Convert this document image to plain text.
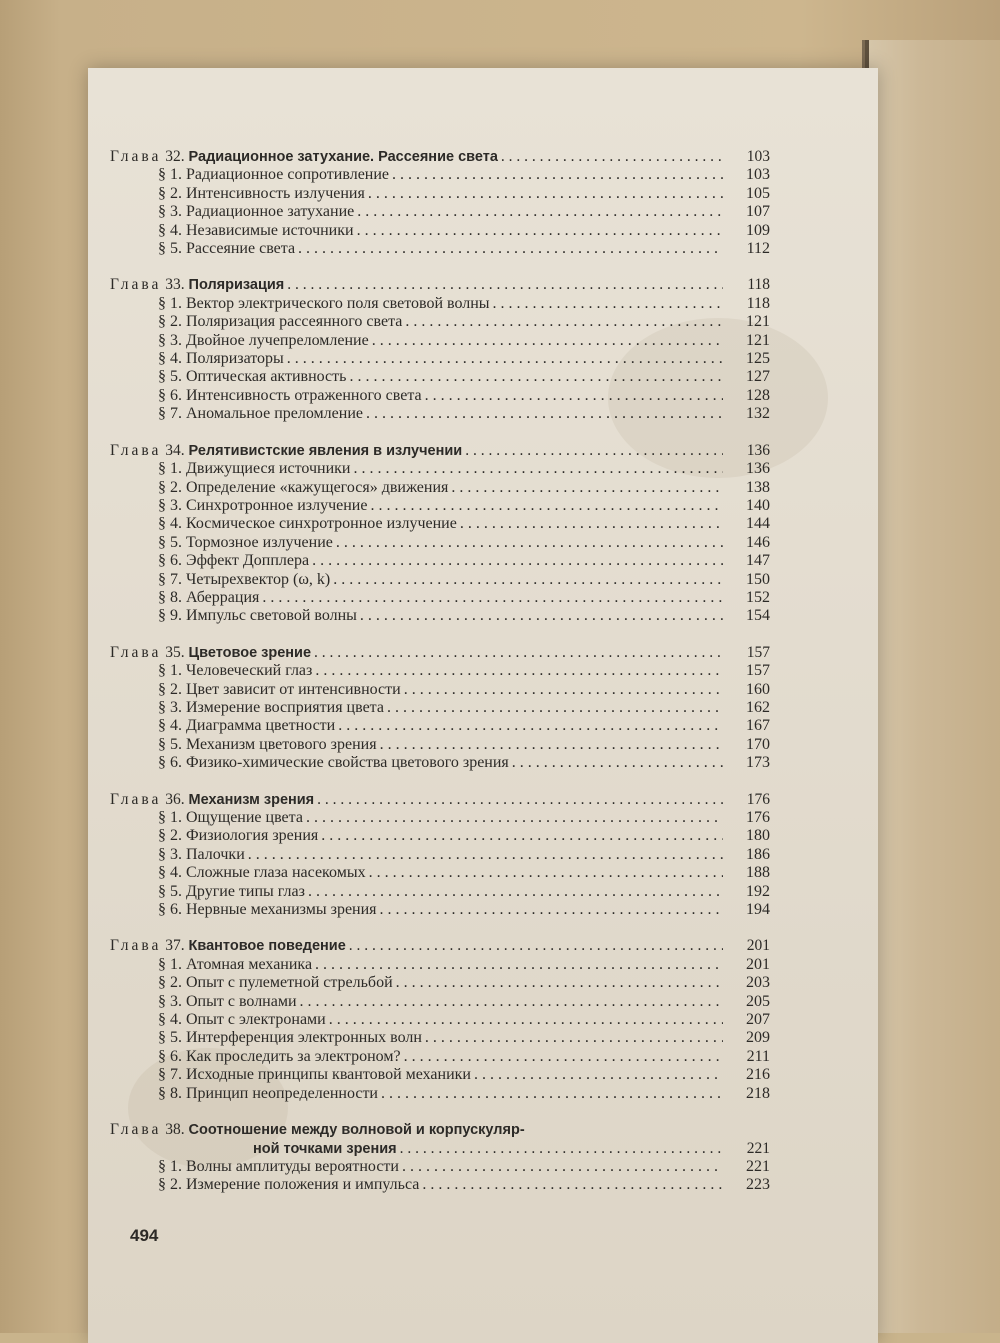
Глава 32. Радиационное затухание. Рассеяние света . . .	103
§ 1. Радиационное сопротивление . . .	103
§ 2. Интенсивность излучения . . .	105
§ 3. Радиационное затухание . . .	107
§ 4. Независимые источники . . .	109
§ 5. Рассеяние света . . .	112
Глава 33. Поляризация . . .	118
§ 1. Вектор электрического поля световой волны . . .	118
§ 2. Поляризация рассеянного света . . .	121
§ 3. Двойное лучепреломление . . .	121
§ 4. Поляризаторы . . .	125
§ 5. Оптическая активность . . .	127
§ 6. Интенсивность отраженного света . . .	128
§ 7. Аномальное преломление . . .	132
Глава 34. Релятивистские явления в излучении . . .	136
§ 1. Движущиеся источники . . .	136
§ 2. Определение «кажущегося» движения . . .	138
§ 3. Синхротронное излучение . . .	140
§ 4. Космическое синхротронное излучение . . .	144
§ 5. Тормозное излучение . . .	146
§ 6. Эффект Допплера . . .	147
§ 7. Четырехвектор (ω, k) . . .	150
§ 8. Аберрация . . .	152
§ 9. Импульс световой волны . . .	154
Глава 35. Цветовое зрение . . .	157
§ 1. Человеческий глаз . . .	157
§ 2. Цвет зависит от интенсивности . . .	160
§ 3. Измерение восприятия цвета . . .	162
§ 4. Диаграмма цветности . . .	167
§ 5. Механизм цветового зрения . . .	170
§ 6. Физико-химические свойства цветового зрения . . .	173
Глава 36. Механизм зрения . . .	176
§ 1. Ощущение цвета . . .	176
§ 2. Физиология зрения . . .	180
§ 3. Палочки . . .	186
§ 4. Сложные глаза насекомых . . .	188
§ 5. Другие типы глаз . . .	192
§ 6. Нервные механизмы зрения . . .	194
Глава 37. Квантовое поведение . . .	201
§ 1. Атомная механика . . .	201
§ 2. Опыт с пулеметной стрельбой . . .	203
§ 3. Опыт с волнами . . .	205
§ 4. Опыт с электронами . . .	207
§ 5. Интерференция электронных волн . . .	209
§ 6. Как проследить за электроном? . . .	211
§ 7. Исходные принципы квантовой механики . . .	216
§ 8. Принцип неопределенности . . .	218
Глава 38. Соотношение между волновой и корпускуляр-
ной точками зрения . . .	221
§ 1. Волны амплитуды вероятности . . .	221
§ 2. Измерение положения и импульса . . .	223
494
